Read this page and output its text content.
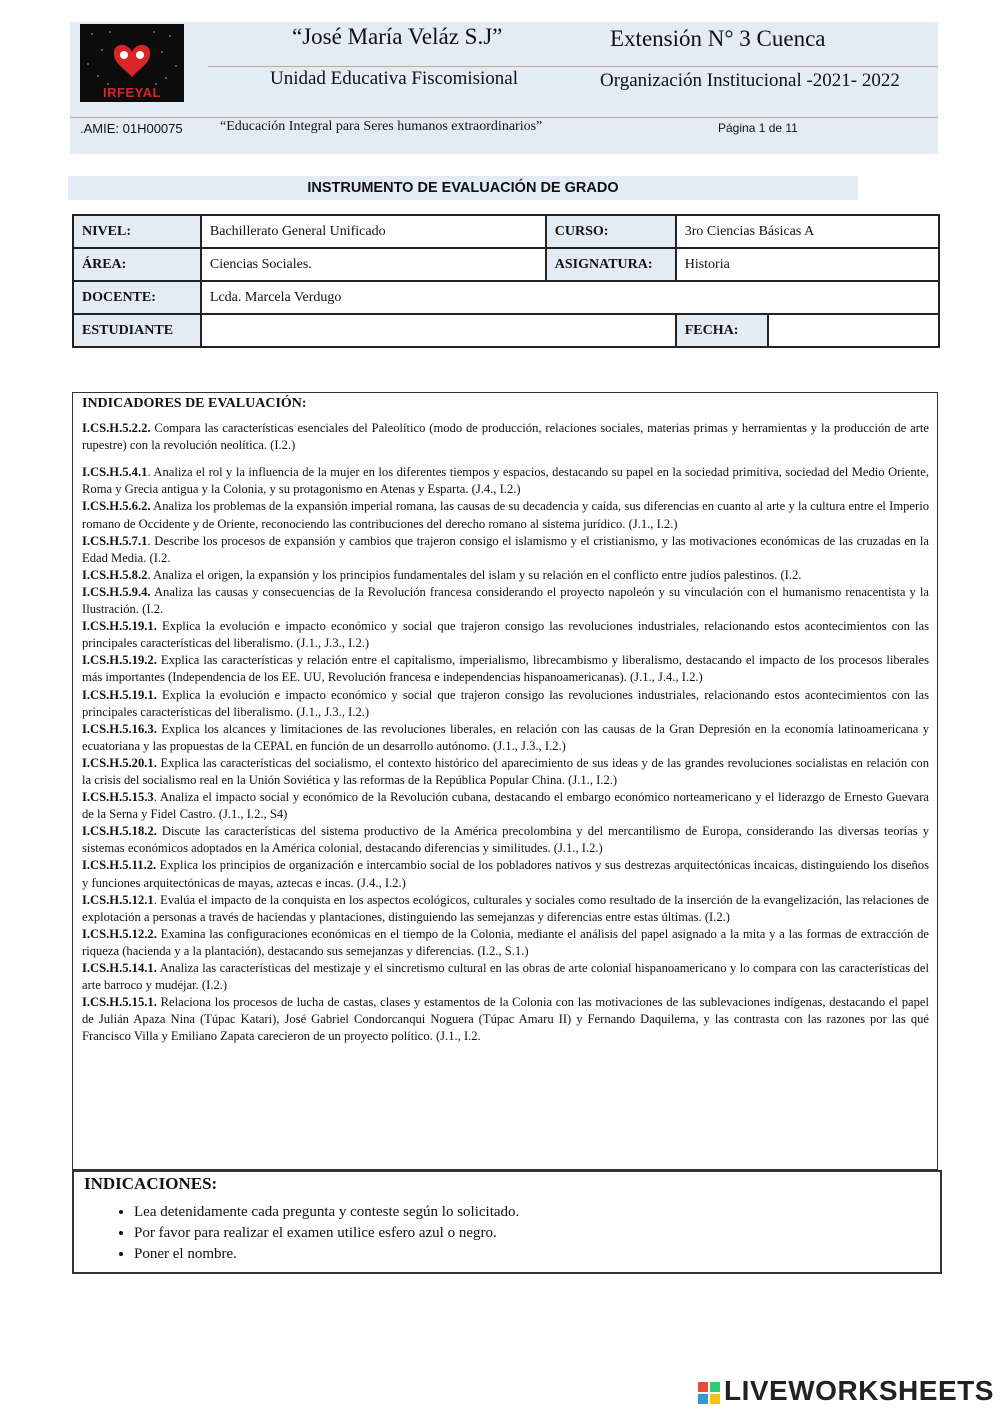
IRFEYAL
“José María Veláz S.J”	Extensión N° 3 Cuenca
Unidad Educativa Fiscomisional	Organización Institucional -2021- 2022
.AMIE: 01H00075	“Educación Integral para Seres humanos extraordinarios”	Página 1 de 11
INSTRUMENTO DE EVALUACIÓN DE GRADO
NIVEL:	Bachillerato General Unificado	CURSO:	3ro Ciencias Básicas A	
ÁREA:	Ciencias Sociales.	ASIGNATURA:	Historia	
DOCENTE:	Lcda. Marcela Verdugo			
ESTUDIANTE			FECHA:	
INDICADORES DE EVALUACIÓN:

I.CS.H.5.2.2. Compara las características esenciales del Paleolítico (modo de producción, relaciones sociales, materias primas y herramientas y la producción de arte rupestre) con la revolución neolítica. (I.2.)

I.CS.H.5.4.1. Analiza el rol y la influencia de la mujer en los diferentes tiempos y espacios, destacando su papel en la sociedad primitiva, sociedad del Medio Oriente, Roma y Grecia antigua y la Colonia, y su protagonismo en Atenas y Esparta. (J.4., I.2.)

I.CS.H.5.6.2. Analiza los problemas de la expansión imperial romana, las causas de su decadencia y caída, sus diferencias en cuanto al arte y la cultura entre el Imperio romano de Occidente y de Oriente, reconociendo las contribuciones del derecho romano al sistema jurídico. (J.1., I.2.)

I.CS.H.5.7.1. Describe los procesos de expansión y cambios que trajeron consigo el islamismo y el cristianismo, y las motivaciones económicas de las cruzadas en la Edad Media. (I.2.

I.CS.H.5.8.2. Analiza el origen, la expansión y los principios fundamentales del islam y su relación en el conflicto entre judíos palestinos. (I.2.

I.CS.H.5.9.4. Analiza las causas y consecuencias de la Revolución francesa considerando el proyecto napoleón y su vinculación con el humanismo renacentista y la Ilustración. (I.2.

I.CS.H.5.19.1. Explica la evolución e impacto económico y social que trajeron consigo las revoluciones industriales, relacionando estos acontecimientos con las principales características del liberalismo. (J.1., J.3., I.2.)

I.CS.H.5.19.2. Explica las características y relación entre el capitalismo, imperialismo, librecambismo y liberalismo, destacando el impacto de los procesos liberales más importantes (Independencia de los EE. UU, Revolución francesa e independencias hispanoamericanas). (J.1., J.4., I.2.)

I.CS.H.5.19.1. Explica la evolución e impacto económico y social que trajeron consigo las revoluciones industriales, relacionando estos acontecimientos con las principales características del liberalismo. (J.1., J.3., I.2.)

I.CS.H.5.16.3. Explica los alcances y limitaciones de las revoluciones liberales, en relación con las causas de la Gran Depresión en la economía latinoamericana y ecuatoriana y las propuestas de la CEPAL en función de un desarrollo autónomo. (J.1., J.3., I.2.)

I.CS.H.5.20.1. Explica las características del socialismo, el contexto histórico del aparecimiento de sus ideas y de las grandes revoluciones socialistas en relación con la crisis del socialismo real en la Unión Soviética y las reformas de la República Popular China. (J.1., I.2.)

I.CS.H.5.15.3. Analiza el impacto social y económico de la Revolución cubana, destacando el embargo económico norteamericano y el liderazgo de Ernesto Guevara de la Serna y Fidel Castro. (J.1., I.2., S4)

I.CS.H.5.18.2. Discute las características del sistema productivo de la América precolombina y del mercantilismo de Europa, considerando las diversas teorías y sistemas económicos adoptados en la América colonial, destacando diferencias y similitudes. (J.1., I.2.)

I.CS.H.5.11.2. Explica los principios de organización e intercambio social de los pobladores nativos y sus destrezas arquitectónicas incaicas, distinguiendo los diseños y funciones arquitectónicas de mayas, aztecas e incas. (J.4., I.2.)

I.CS.H.5.12.1. Evalúa el impacto de la conquista en los aspectos ecológicos, culturales y sociales como resultado de la inserción de la evangelización, las relaciones de explotación a personas a través de haciendas y plantaciones, distinguiendo las semejanzas y diferencias entre estas últimas. (I.2.)

I.CS.H.5.12.2. Examina las configuraciones económicas en el tiempo de la Colonia, mediante el análisis del papel asignado a la mita y a las formas de extracción de riqueza (hacienda y a la plantación), destacando sus semejanzas y diferencias. (I.2., S.1.)

I.CS.H.5.14.1. Analiza las características del mestizaje y el sincretismo cultural en las obras de arte colonial hispanoamericano y lo compara con las características del arte barroco y mudéjar. (I.2.)

I.CS.H.5.15.1. Relaciona los procesos de lucha de castas, clases y estamentos de la Colonia con las motivaciones de las sublevaciones indígenas, destacando el papel de Julián Apaza Nina (Túpac Katari), José Gabriel Condorcanqui Noguera (Túpac Amaru II) y Fernando Daquilema, y las contrasta con las razones por las qué Francisco Villa y Emiliano Zapata carecieron de un proyecto político. (J.1., I.2.

INDICACIONES:
• Lea detenidamente cada pregunta y conteste según lo solicitado.
• Por favor para realizar el examen utilice esfero azul o negro.
• Poner el nombre.
LIVEWORKSHEETS
